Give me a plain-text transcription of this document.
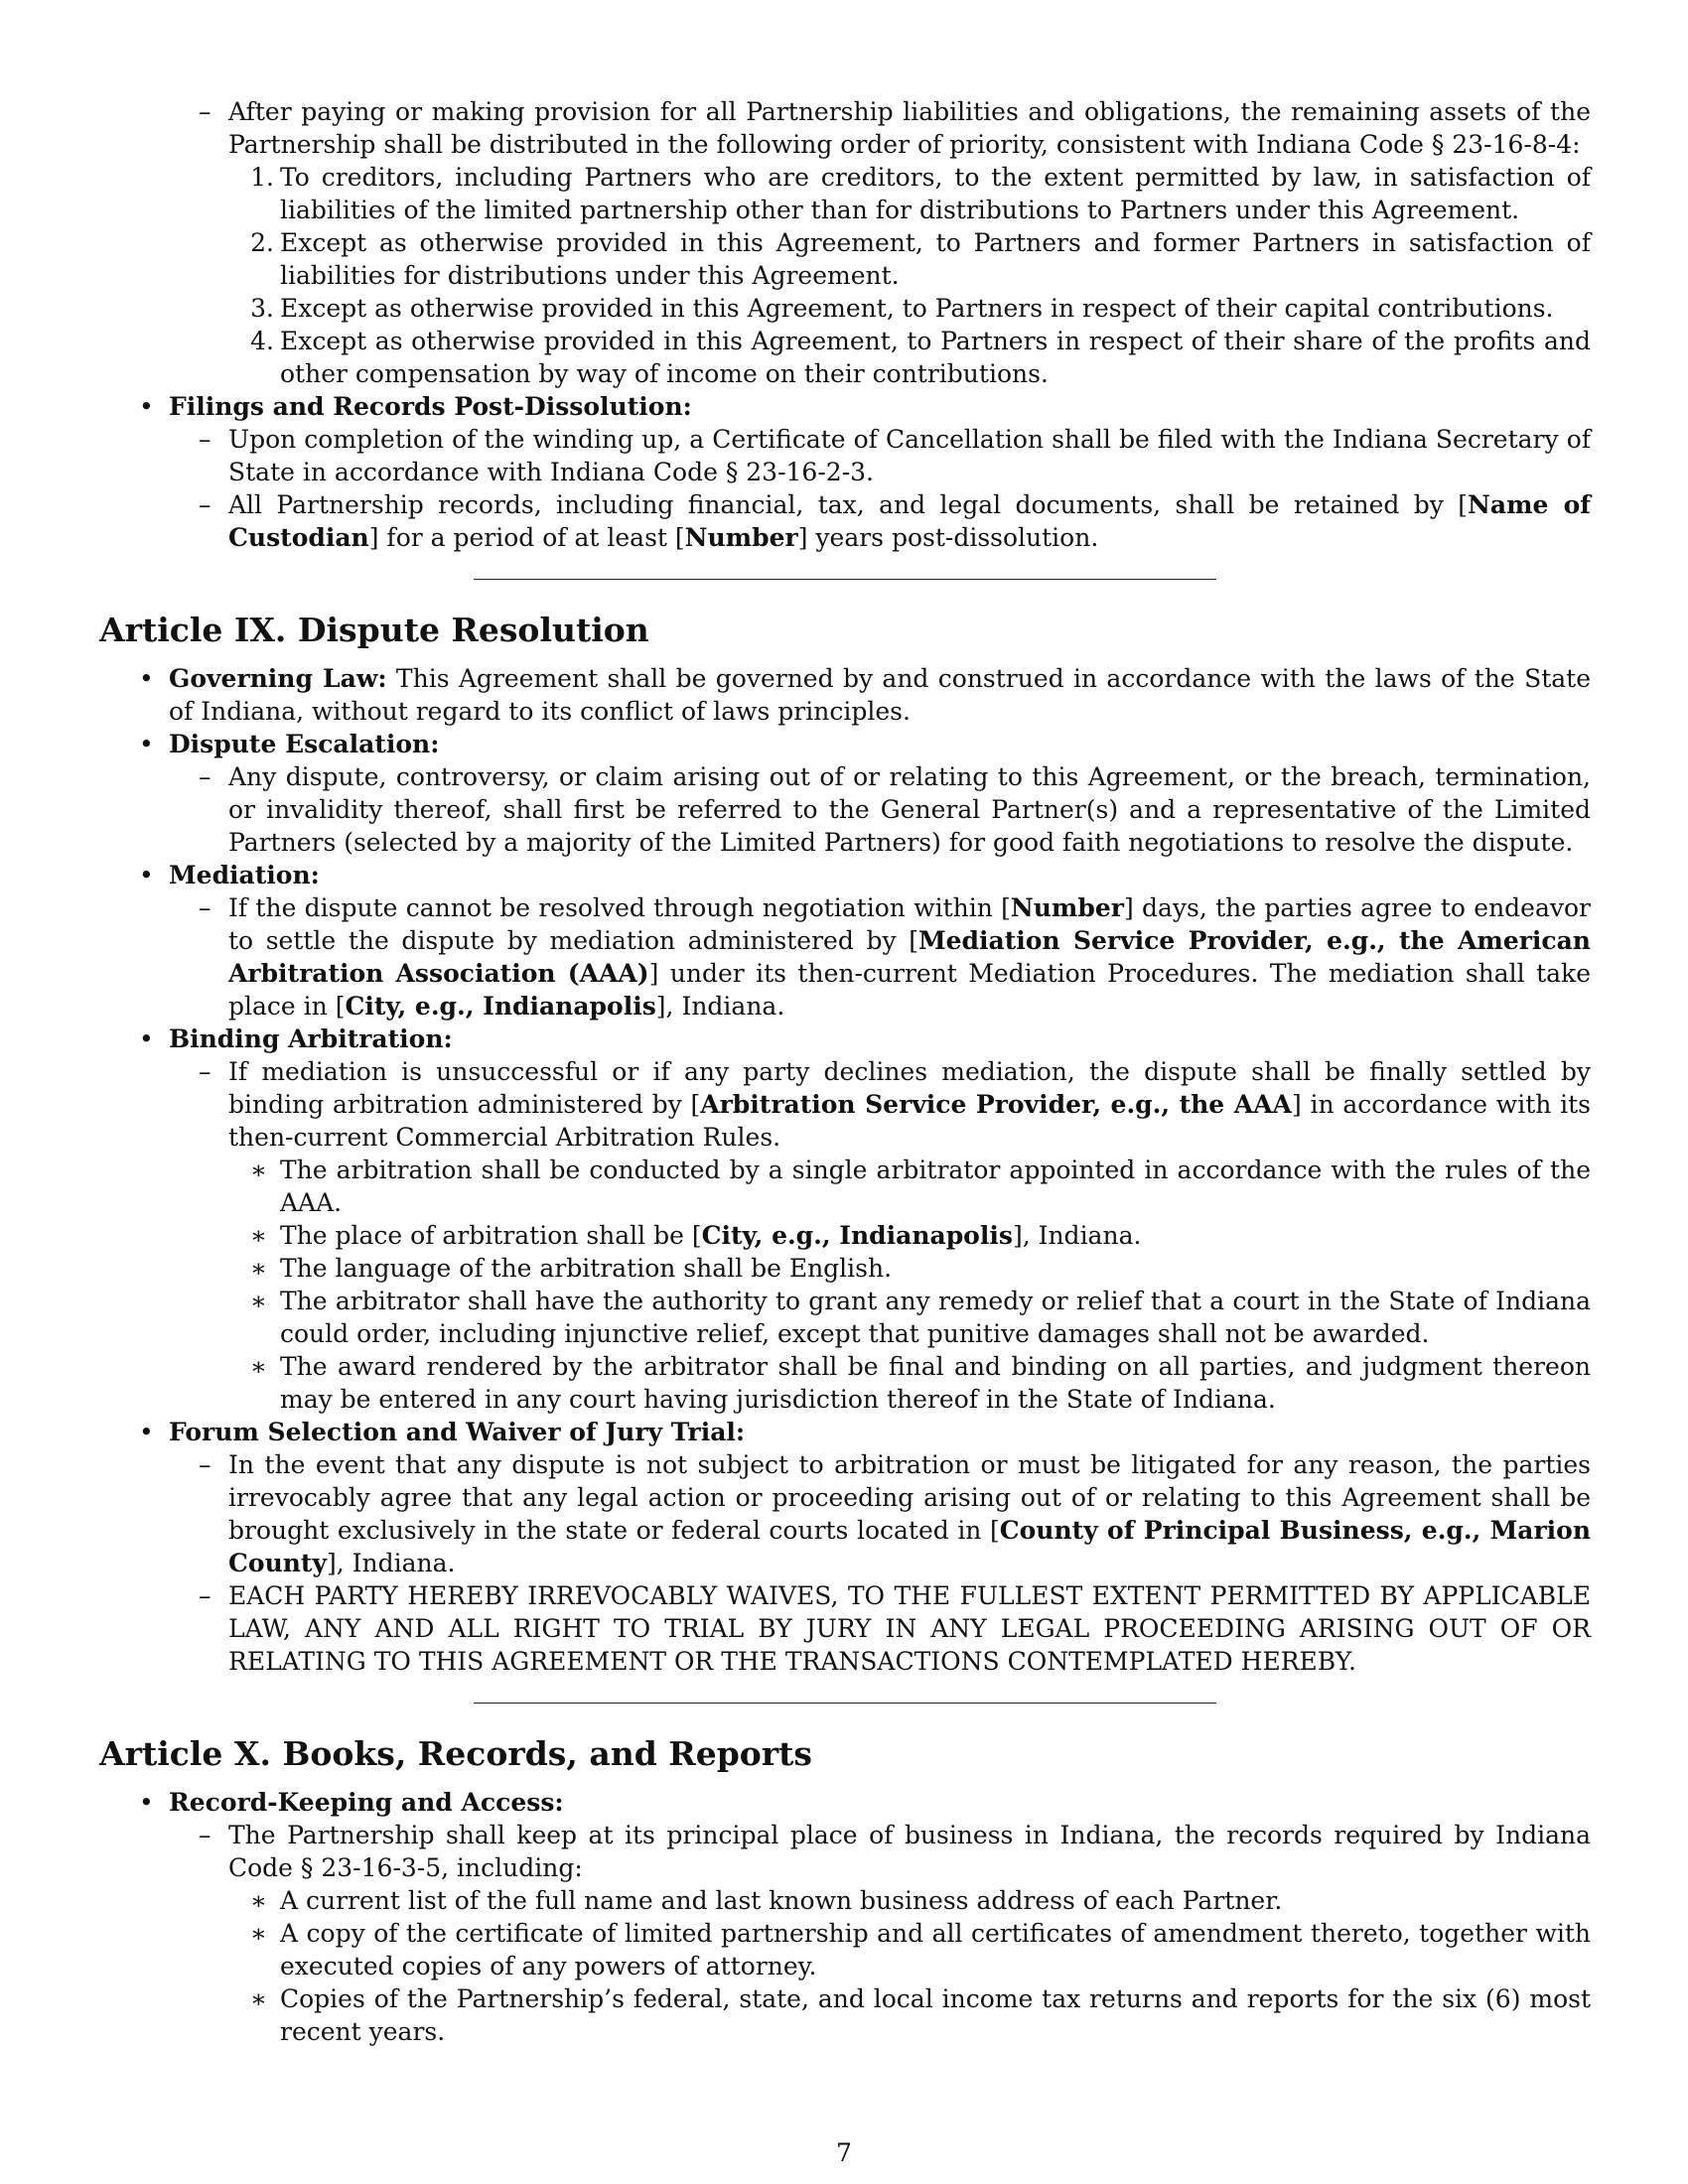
– After paying or making provision for all Partnership liabilities and obligations, the remaining assets of the Partnership shall be distributed in the following order of priority, consistent with Indiana Code § 23-16-8-4:
1. To creditors, including Partners who are creditors, to the extent permitted by law, in satisfaction of liabilities of the limited partnership other than for distributions to Partners under this Agreement.
2. Except as otherwise provided in this Agreement, to Partners and former Partners in satisfaction of liabilities for distributions under this Agreement.
3. Except as otherwise provided in this Agreement, to Partners in respect of their capital contributions.
4. Except as otherwise provided in this Agreement, to Partners in respect of their share of the profits and other compensation by way of income on their contributions.
• Filings and Records Post-Dissolution:
– Upon completion of the winding up, a Certificate of Cancellation shall be filed with the Indiana Secretary of State in accordance with Indiana Code § 23-16-2-3.
– All Partnership records, including financial, tax, and legal documents, shall be retained by [Name of Custodian] for a period of at least [Number] years post-dissolution.
Article IX. Dispute Resolution
• Governing Law: This Agreement shall be governed by and construed in accordance with the laws of the State of Indiana, without regard to its conflict of laws principles.
• Dispute Escalation:
– Any dispute, controversy, or claim arising out of or relating to this Agreement, or the breach, termination, or invalidity thereof, shall first be referred to the General Partner(s) and a representative of the Limited Partners (selected by a majority of the Limited Partners) for good faith negotiations to resolve the dispute.
• Mediation:
– If the dispute cannot be resolved through negotiation within [Number] days, the parties agree to endeavor to settle the dispute by mediation administered by [Mediation Service Provider, e.g., the American Arbitration Association (AAA)] under its then-current Mediation Procedures. The mediation shall take place in [City, e.g., Indianapolis], Indiana.
• Binding Arbitration:
– If mediation is unsuccessful or if any party declines mediation, the dispute shall be finally settled by binding arbitration administered by [Arbitration Service Provider, e.g., the AAA] in accordance with its then-current Commercial Arbitration Rules.
∗ The arbitration shall be conducted by a single arbitrator appointed in accordance with the rules of the AAA.
∗ The place of arbitration shall be [City, e.g., Indianapolis], Indiana.
∗ The language of the arbitration shall be English.
∗ The arbitrator shall have the authority to grant any remedy or relief that a court in the State of Indiana could order, including injunctive relief, except that punitive damages shall not be awarded.
∗ The award rendered by the arbitrator shall be final and binding on all parties, and judgment thereon may be entered in any court having jurisdiction thereof in the State of Indiana.
• Forum Selection and Waiver of Jury Trial:
– In the event that any dispute is not subject to arbitration or must be litigated for any reason, the parties irrevocably agree that any legal action or proceeding arising out of or relating to this Agreement shall be brought exclusively in the state or federal courts located in [County of Principal Business, e.g., Marion County], Indiana.
– EACH PARTY HEREBY IRREVOCABLY WAIVES, TO THE FULLEST EXTENT PERMITTED BY APPLICABLE LAW, ANY AND ALL RIGHT TO TRIAL BY JURY IN ANY LEGAL PROCEEDING ARISING OUT OF OR RELATING TO THIS AGREEMENT OR THE TRANSACTIONS CONTEMPLATED HEREBY.
Article X. Books, Records, and Reports
• Record-Keeping and Access:
– The Partnership shall keep at its principal place of business in Indiana, the records required by Indiana Code § 23-16-3-5, including:
∗ A current list of the full name and last known business address of each Partner.
∗ A copy of the certificate of limited partnership and all certificates of amendment thereto, together with executed copies of any powers of attorney.
∗ Copies of the Partnership’s federal, state, and local income tax returns and reports for the six (6) most recent years.
7
